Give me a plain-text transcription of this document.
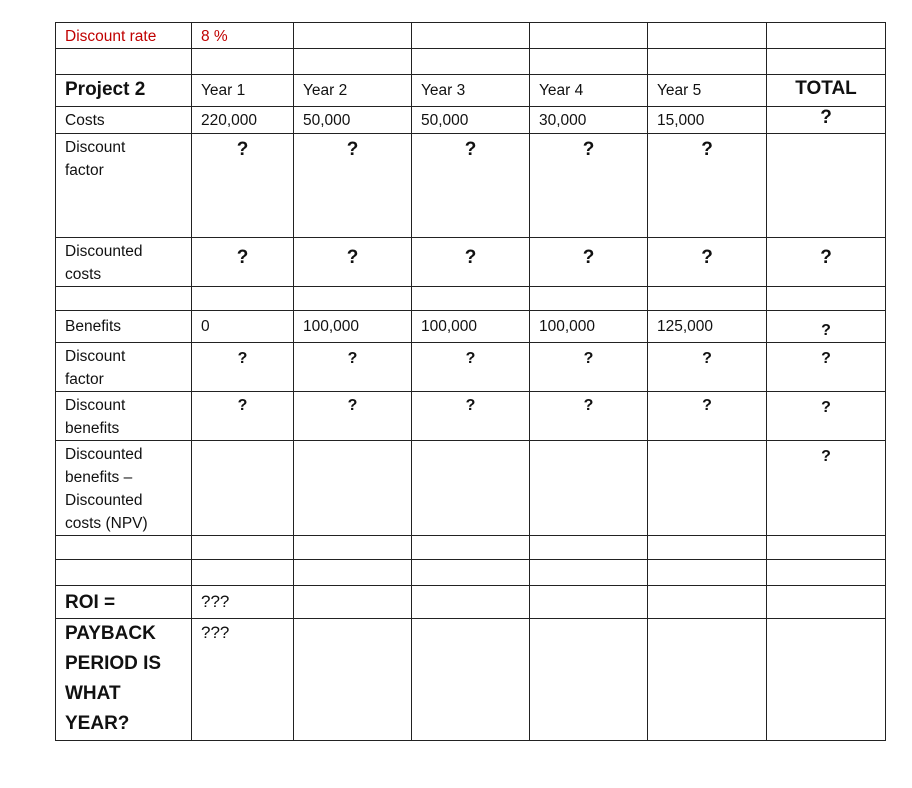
Discount rate	8 %					

Project 2	Year 1	Year 2	Year 3	Year 4	Year 5	TOTAL
Costs	220,000	50,000	50,000	30,000	15,000	?
Discount
factor	?	?	?	?	?	
Discounted
costs	?	?	?	?	?	?

Benefits	0	100,000	100,000	100,000	125,000	?
Discount
factor	?	?	?	?	?	?
Discount
benefits	?	?	?	?	?	?
Discounted
benefits –
Discounted
costs (NPV)						?

ROI =	???					
PAYBACK
PERIOD IS
WHAT
YEAR?	???					
